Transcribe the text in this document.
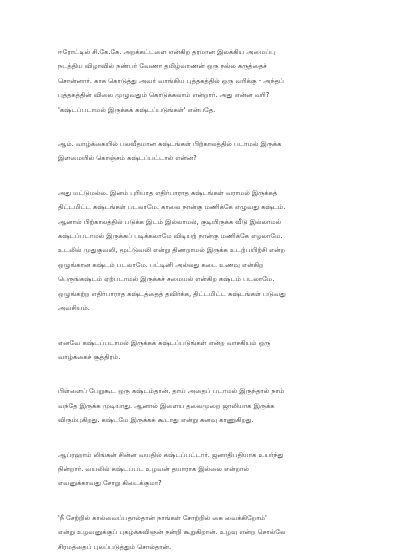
ஈரோட்டில் சி.கே.கே. அறக்கட்டளை என்கிற தரமான இலக்கிய அமைப்பு
நடத்திய விழாவில் நண்பர் வேணா தமிழ்வாணன் ஒரு நல்ல கருத்தைச்
சொன்னார். காசு கொடுத்து அவர் வாங்கிய புத்தகத்தில் ஒரு வரிக்கு - அந்தப்
புத்தகத்தின் விலை முழுவதும் கொடுக்கலாம் என்றார். அது என்ன வரி?
'கஷ்டப்படாமல் இருக்கக் கஷ்டப்படுங்கள்' என்பதே.

ஆம். வாழ்க்கையில் பலவீதமான கஷ்டங்கள் பிற்காலத்தில் படாமல் இருக்க
இளமையில் கொஞ்சம் கஷ்டப்பட்டால் என்ன?

அது மட்டுமல்ல. இனம் புரியாத எதிர்பாராத கஷ்டங்கள் வராமல் இருக்கத்
திட்டமிட்ட கஷ்டங்கள் படலாமே. காலை நான்கு மணிக்கே எழுவது கஷ்டம்.
ஆனால் பிற்காலத்தில் படுக்க இடம் இல்லாமல், குடியிருக்க வீடு இல்லாமல்
கஷ்டப்படாமல் இருக்கப் படிக்கலாமே விடியற் நான்கு மணிக்கே எழலாமே.
உடலில் முதுகுவலி, மூட்டுவலி என்று திணறாமல் இருக்க உடற்பயிற்சி என்ற
ஒழுங்கான கஷ்டம் படலாமே. பட்டினி அல்லது கடை உணவு என்கிற
பெருங்கஷ்டம் ஏற்படாமல் இருக்கச் சமையல் என்கிற கஷ்டம் படலாமே.
ஒழுங்கற்ற எதிர்பாராத கஷ்டத்தைத் தவிர்க்க, திட்டமிட்ட கஷ்டங்கள் படுவது
அவசியம்.

எனவே கஷ்டப்படாமல் இருக்கக் கஷ்டப்படுங்கள் என்ற வாசகியம் ஒரு
வாழ்க்கைச் சூத்திரம்.

பிள்ளைப் பேறுகூட ஒரு கஷ்டம்தான். தாய் அதைப் படாமல் இருந்தால் நாம்
வந்தே இருக்க முடியாது. ஆனால் இளைய தலைமுறை ஜாலியாக இருக்க
விரும்புகிறது. கஷ்டமே இருக்கக் கூடாது என்று கனவு காணுகிறது.

ஆப்ரஹாம் லிங்கன் சின்ன வயதில் கஷ்டப்பட்டார். ஜனாதிபதியாக உயர்ந்து
நின்றார். வயலில் கஷ்டப்பட உழவன் தயாராக இல்லை என்றால்
எவனுக்காவது சோறு கிடைக்குமா?

'நீ சேற்றில் கால்வைப்பதால்தான் நாங்கள் சோற்றில் கை வைக்கிறோம்'
என்று உழவனுக்குப் புகழ்க்கவிஞன் நன்றி கூறுகிறான். உழவு என்ற சொல்லே
சிரமத்தைப் புலப்படுத்தும் சொல்தான்.
